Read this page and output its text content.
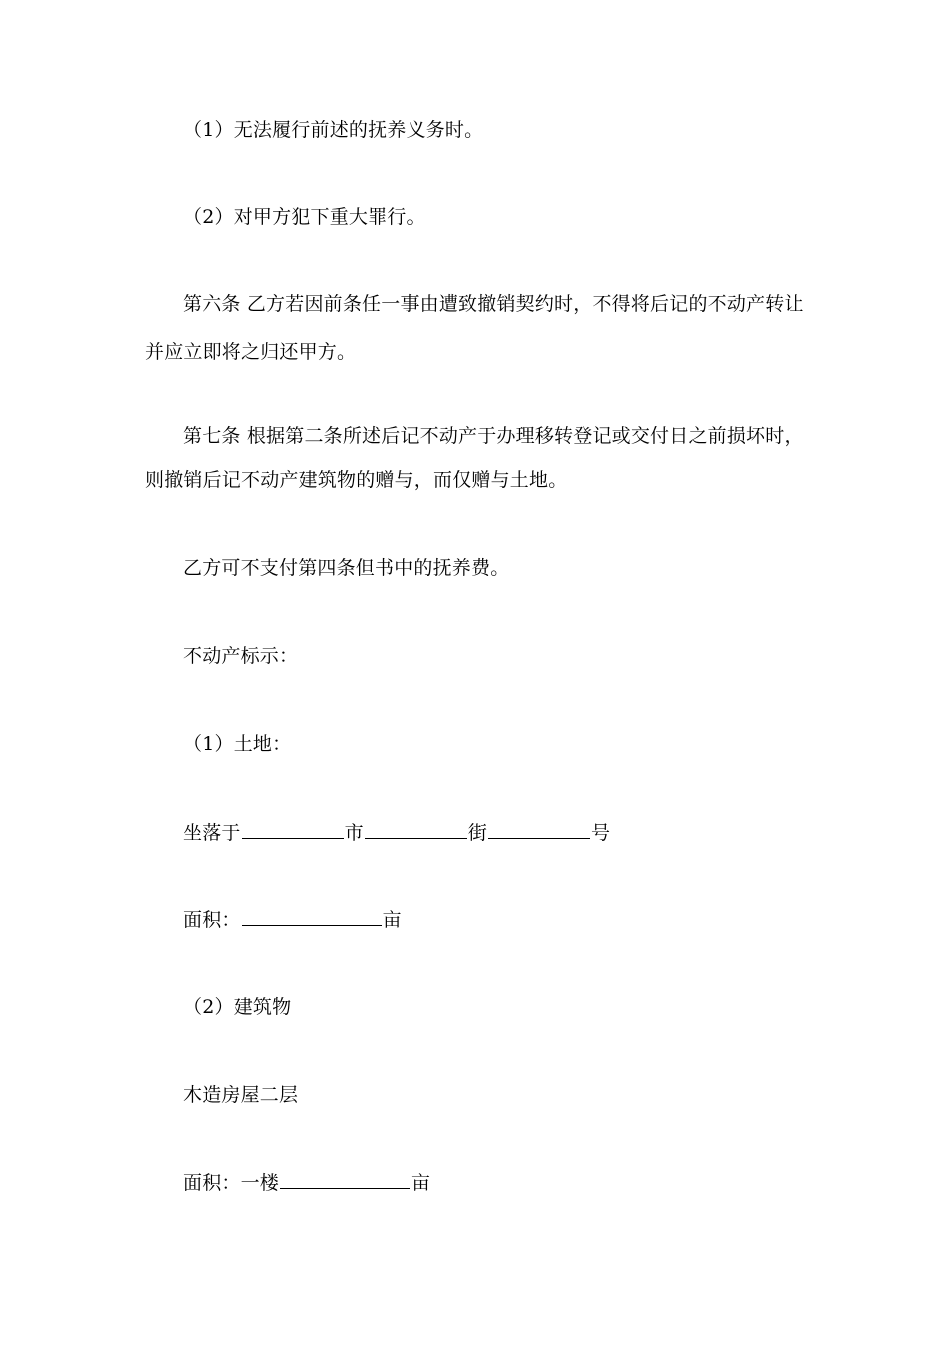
（1）无法履行前述的抚养义务时。
（2）对甲方犯下重大罪行。
第六条 乙方若因前条任一事由遭致撤销契约时，不得将后记的不动产转让
并应立即将之归还甲方。
第七条 根据第二条所述后记不动产于办理移转登记或交付日之前损坏时，
则撤销后记不动产建筑物的赠与，而仅赠与土地。
乙方可不支付第四条但书中的抚养费。
不动产标示：
（1）土地：
坐落于	市	街	号
面积：	亩
（2）建筑物
木造房屋二层
面积：一楼	亩
